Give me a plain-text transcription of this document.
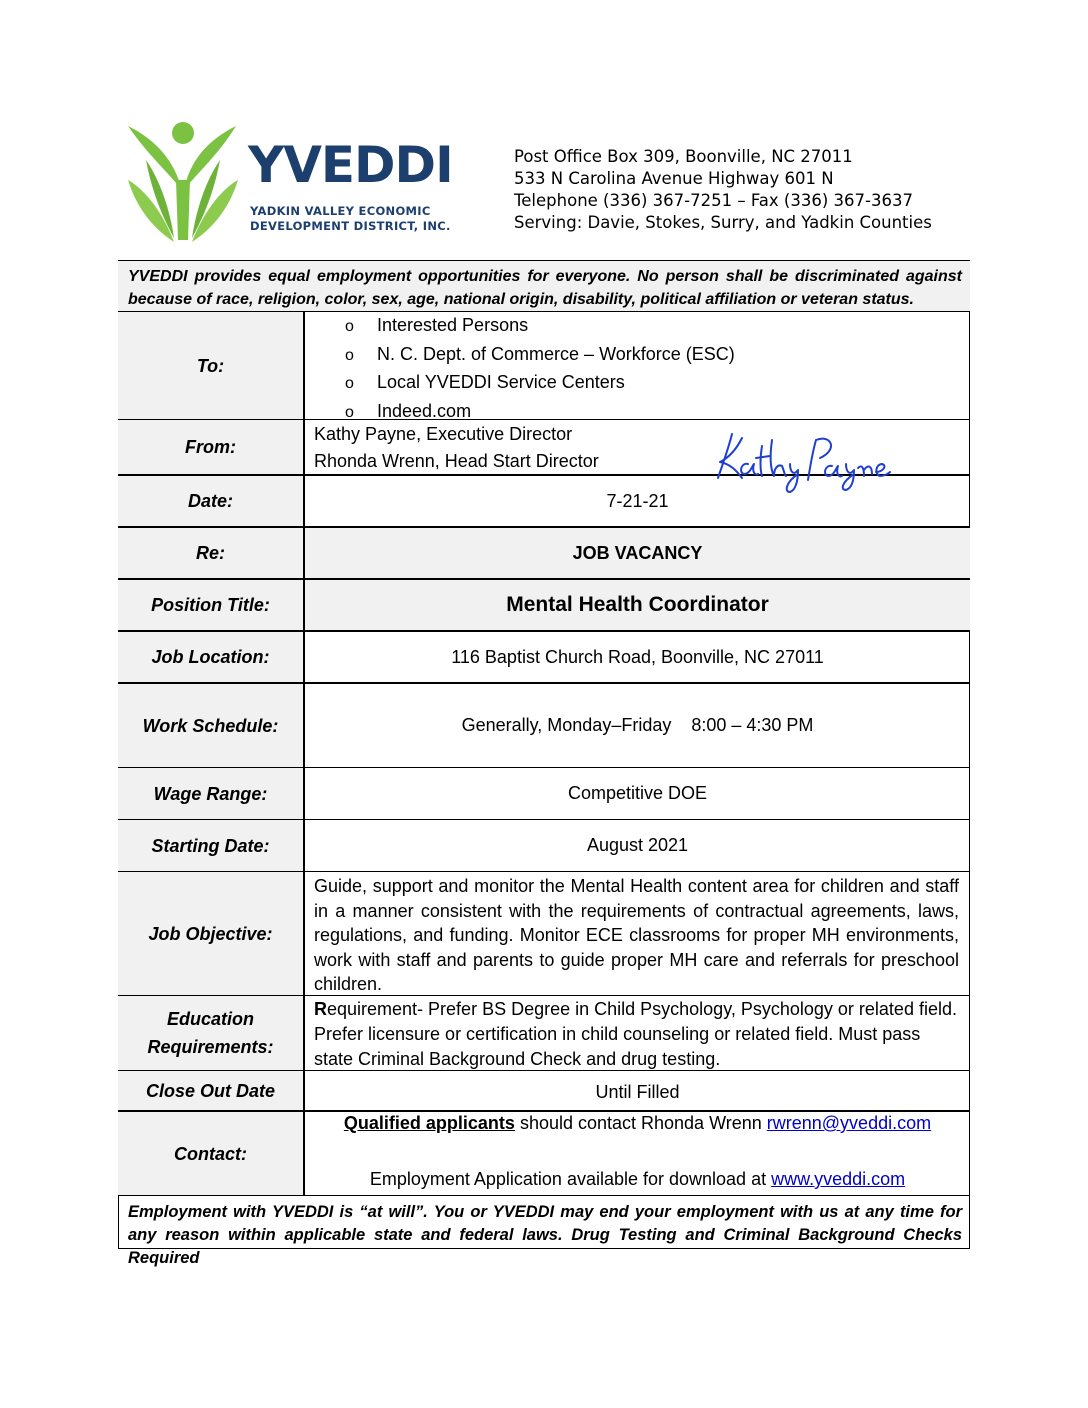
YVEDDI
YADKIN VALLEY ECONOMIC
DEVELOPMENT DISTRICT, INC.
Post Office Box 309, Boonville, NC 27011
533 N Carolina Avenue Highway 601 N
Telephone (336) 367-7251 – Fax (336) 367-3637
Serving: Davie, Stokes, Surry, and Yadkin Counties
YVEDDI provides equal employment opportunities for everyone. No person shall be discriminated against because of race, religion, color, sex, age, national origin, disability, political affiliation or veteran status.
To:
o Interested Persons
o N. C. Dept. of Commerce – Workforce (ESC)
o Local YVEDDI Service Centers
o Indeed.com
From:
Kathy Payne, Executive Director
Rhonda Wrenn, Head Start Director
Date:	7-21-21
Re:	JOB VACANCY
Position Title:	Mental Health Coordinator
Job Location:	116 Baptist Church Road, Boonville, NC 27011
Work Schedule:	Generally, Monday–Friday    8:00 – 4:30 PM
Wage Range:	Competitive DOE
Starting Date:	August 2021
Job Objective:
Guide, support and monitor the Mental Health content area for children and staff in a manner consistent with the requirements of contractual agreements, laws, regulations, and funding. Monitor ECE classrooms for proper MH environments, work with staff and parents to guide proper MH care and referrals for preschool children.
Education
Requirements:
Requirement- Prefer BS Degree in Child Psychology, Psychology or related field. Prefer licensure or certification in child counseling or related field. Must pass state Criminal Background Check and drug testing.
Close Out Date	Until Filled
Contact:
Qualified applicants should contact Rhonda Wrenn rwrenn@yveddi.com
Employment Application available for download at www.yveddi.com
Employment with YVEDDI is “at will”. You or YVEDDI may end your employment with us at any time for any reason within applicable state and federal laws. Drug Testing and Criminal Background Checks Required
